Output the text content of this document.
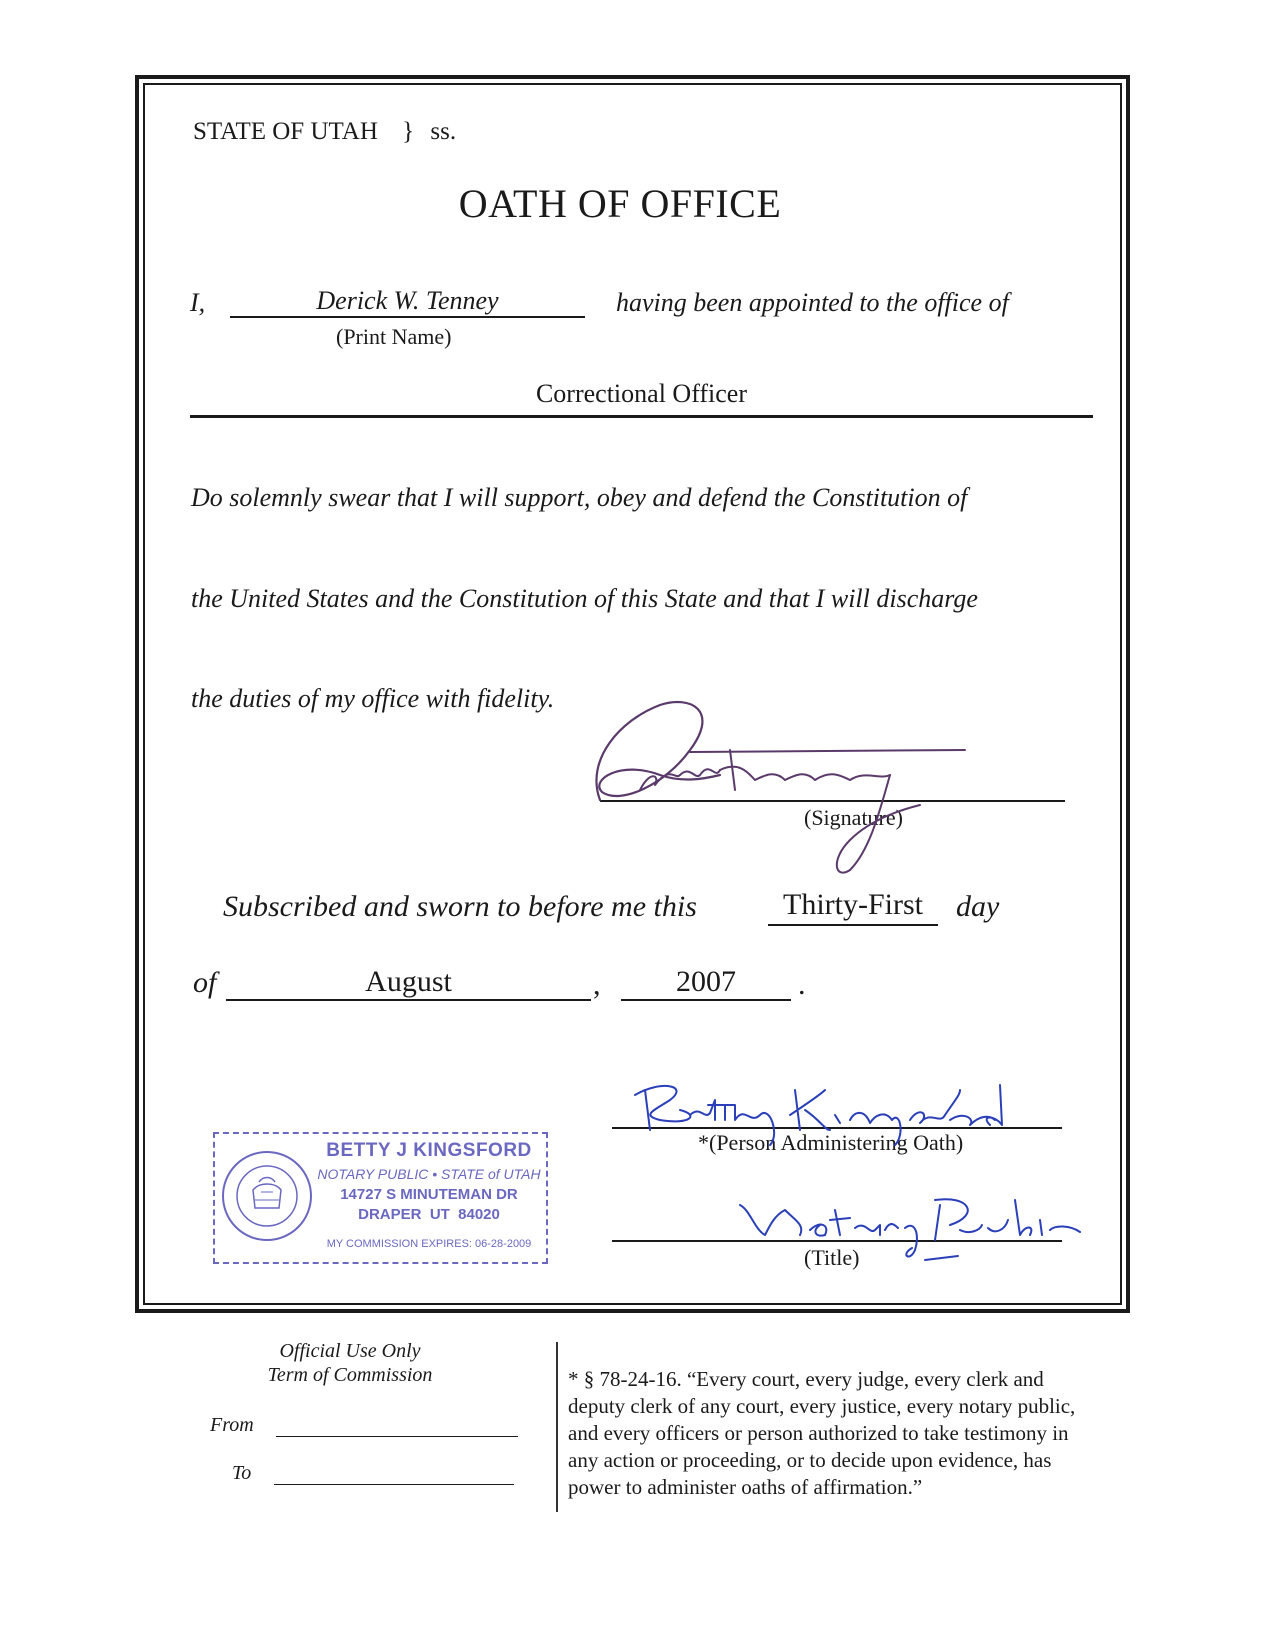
STATE OF UTAH } ss.
OATH OF OFFICE
I,	Derick W. Tenney
(Print Name)
having been appointed to the office of
Correctional Officer
Do solemnly swear that I will support, obey and defend the Constitution of
the United States and the Constitution of this State and that I will discharge
the duties of my office with fidelity.
(Signature)
Subscribed and sworn to before me this	Thirty-First	day
of	August	,	2007	.
*(Person Administering Oath)
(Title)
BETTY J KINGSFORD
NOTARY PUBLIC • STATE of UTAH
14727 S MINUTEMAN DR
DRAPER  UT  84020
MY COMMISSION EXPIRES: 06-28-2009
Official Use Only
Term of Commission
From
To
* § 78-24-16. “Every court, every judge, every clerk and
deputy clerk of any court, every justice, every notary public,
and every officers or person authorized to take testimony in
any action or proceeding, or to decide upon evidence, has
power to administer oaths of affirmation.”
